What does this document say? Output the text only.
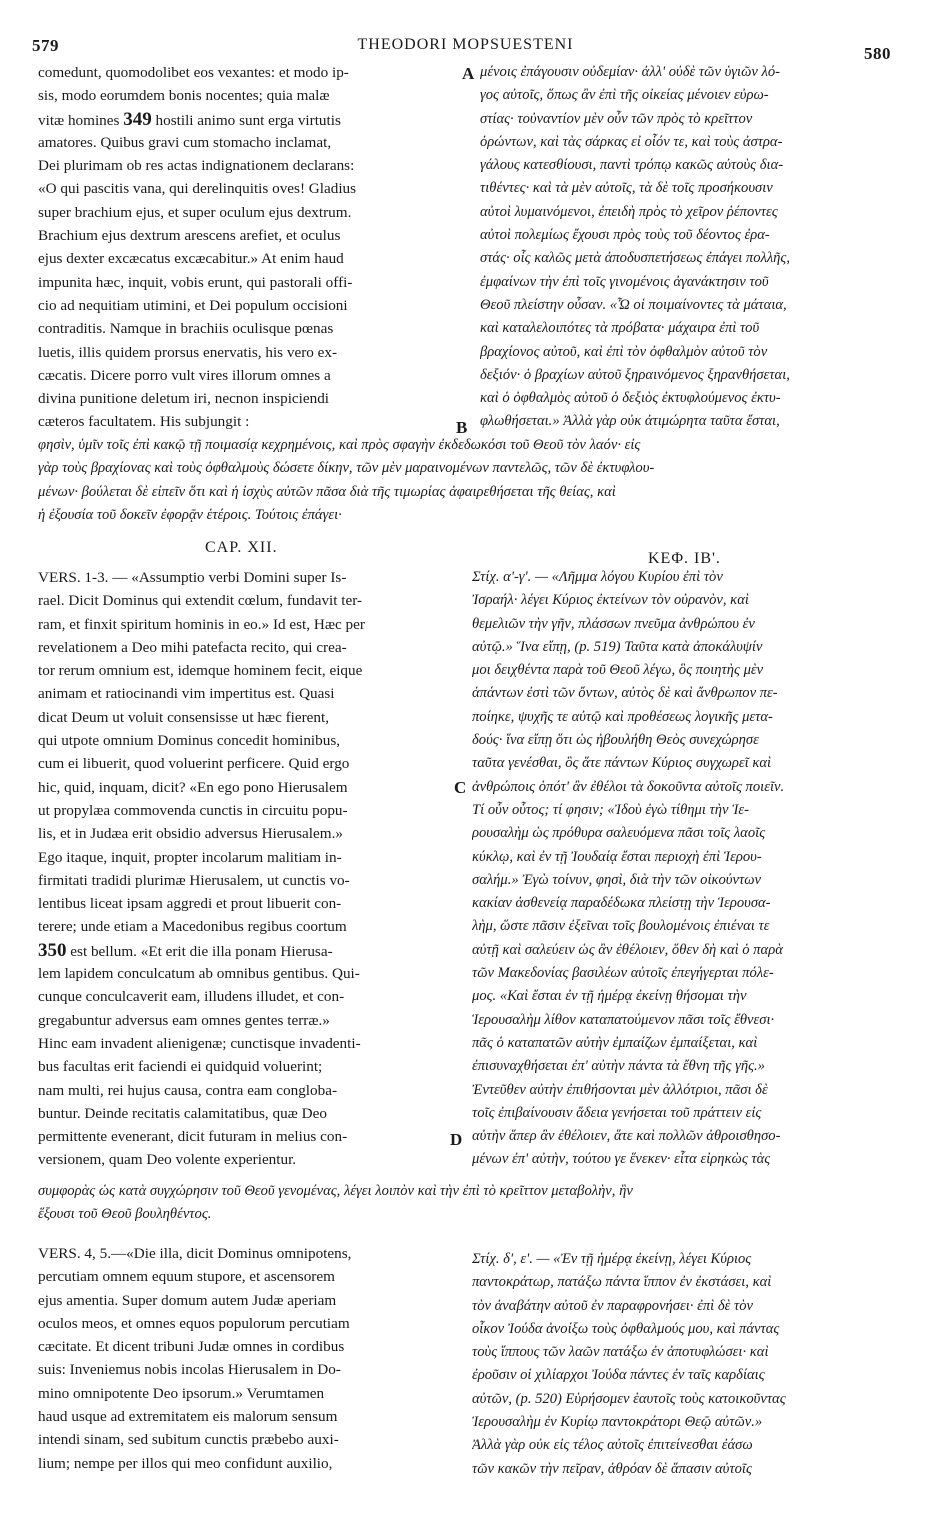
579	THEODORI MOPSUESTENI	580
comedunt, quomodolibet eos vexantes: et modo ip-
sis, modo eorumdem bonis nocentes; quia malæ
vitæ homines 349 hostili animo sunt erga virtutis
amatores. Quibus gravi cum stomacho inclamat,
Dei plurimam ob res actas indignationem declarans:
«O qui pascitis vana, qui derelinquitis oves! Gladius
super brachium ejus, et super oculum ejus dextrum.
Brachium ejus dextrum arescens arefiet, et oculus
ejus dexter excæcatus excæcabitur.» At enim haud
impunita hæc, inquit, vobis erunt, qui pastorali offi-
cio ad nequitiam utimini, et Dei populum occisioni
contraditis. Namque in brachiis oculisque pœnas
luetis, illis quidem prorsus enervatis, his vero ex-
cæcatis. Dicere porro vult vires illorum omnes a
divina punitione deletum iri, necnon inspiciendi
cæteros facultatem. His subjungit :
μένοις ἐπάγουσιν οὐδεμίαν· ἀλλ' οὐδὲ τῶν ὑγιῶν λό-
γος αὐτοῖς, ὅπως ἂν ἐπὶ τῆς οἰκείας μένοιεν εὐρω-
στίας· τοὐναντίον μὲν οὖν τῶν πρὸς τὸ κρεῖττον
ὁρώντων, καὶ τὰς σάρκας εἰ οἷόν τε, καὶ τοὺς ἀστρα-
γάλους κατεσθίουσι, παντὶ τρόπῳ κακῶς αὐτοὺς δια-
τιθέντες· καὶ τὰ μὲν αὐτοῖς, τὰ δὲ τοῖς προσήκουσιν
αὐτοὶ λυμαινόμενοι, ἐπειδὴ πρὸς τὸ χεῖρον ῥέποντες
αὐτοὶ πολεμίως ἔχουσι πρὸς τοὺς τοῦ δέοντος ἐρα-
στάς· οἷς καλῶς μετὰ ἀποδυσπετήσεως ἐπάγει πολλῆς,
ἐμφαίνων τὴν ἐπὶ τοῖς γινομένοις ἀγανάκτησιν τοῦ
Θεοῦ πλείστην οὖσαν. «Ὦ οἱ ποιμαίνοντες τὰ μάταια,
καὶ καταλελοιπότες τὰ πρόβατα· μάχαιρα ἐπὶ τοῦ
βραχίονος αὐτοῦ, καὶ ἐπὶ τὸν ὀφθαλμὸν αὐτοῦ τὸν
δεξιόν· ὁ βραχίων αὐτοῦ ξηραινόμενος ξηρανθήσεται,
καὶ ὁ ὀφθαλμὸς αὐτοῦ ὁ δεξιὸς ἐκτυφλούμενος ἐκτυ-
φλωθήσεται.» Ἀλλὰ γὰρ οὐκ ἀτιμώρητα ταῦτα ἔσται,
φησὶν, ὑμῖν τοῖς ἐπὶ κακῷ τῇ ποιμασίᾳ κεχρημένοις, καὶ πρὸς σφαγὴν ἐκδεδωκόσι τοῦ Θεοῦ τὸν λαόν· εἰς
γὰρ τοὺς βραχίονας καὶ τοὺς ὀφθαλμοὺς δώσετε δίκην, τῶν μὲν μαραινομένων παντελῶς, τῶν δὲ ἐκτυφλου-
μένων· βούλεται δὲ εἰπεῖν ὅτι καὶ ἡ ἰσχὺς αὐτῶν πᾶσα διὰ τῆς τιμωρίας ἀφαιρεθήσεται τῆς θείας, καὶ
ἡ ἐξουσία τοῦ δοκεῖν ἐφορᾷν ἑτέροις. Τούτοις ἐπάγει·
CAP. XII.
ΚΕΦ. ΙΒ'.
VERS. 1-3. — «Assumptio verbi Domini super Is-
rael. Dicit Dominus qui extendit cœlum, fundavit ter-
ram, et finxit spiritum hominis in eo.» Id est, Hæc per
revelationem a Deo mihi patefacta recito, qui crea-
tor rerum omnium est, idemque hominem fecit, eique
animam et ratiocinandi vim impertitus est. Quasi
dicat Deum ut voluit consensisse ut hæc fierent,
qui utpote omnium Dominus concedit hominibus,
cum ei libuerit, quod voluerint perficere. Quid ergo
hic, quid, inquam, dicit? «En ego pono Hierusalem
ut propylæa commovenda cunctis in circuitu popu-
lis, et in Judæa erit obsidio adversus Hierusalem.»
Ego itaque, inquit, propter incolarum malitiam in-
firmitati tradidi plurimæ Hierusalem, ut cunctis vo-
lentibus liceat ipsam aggredi et prout libuerit con-
terere; unde etiam a Macedonibus regibus coortum
350 est bellum. «Et erit die illa ponam Hierusa-
lem lapidem conculcatum ab omnibus gentibus. Qui-
cunque conculcaverit eam, illudens illudet, et con-
gregabuntur adversus eam omnes gentes terræ.»
Hinc eam invadent alienigenæ; cunctisque invadenti-
bus facultas erit faciendi ei quidquid voluerint;
nam multi, rei hujus causa, contra eam congloba-
buntur. Deinde recitatis calamitatibus, quæ Deo
permittente evenerant, dicit futuram in melius con-
versionem, quam Deo volente experientur.
Στίχ. α'-γ'. — «Λῆμμα λόγου Κυρίου ἐπὶ τὸν
Ἰσραήλ· λέγει Κύριος ἐκτείνων τὸν οὐρανὸν, καὶ
θεμελιῶν τὴν γῆν, πλάσσων πνεῦμα ἀνθρώπου ἐν
αὐτῷ.» Ἵνα εἴπῃ, (p. 519) Ταῦτα κατὰ ἀποκάλυψίν
μοι δειχθέντα παρὰ τοῦ Θεοῦ λέγω, ὃς ποιητὴς μὲν
ἁπάντων ἐστὶ τῶν ὄντων, αὐτὸς δὲ καὶ ἄνθρωπον πε-
ποίηκε, ψυχῆς τε αὐτῷ καὶ προθέσεως λογικῆς μετα-
δούς· ἵνα εἴπῃ ὅτι ὡς ἠβουλήθη Θεὸς συνεχώρησε
ταῦτα γενέσθαι, ὃς ἅτε πάντων Κύριος συγχωρεῖ καὶ
ἀνθρώποις ὁπότ' ἂν ἐθέλοι τὰ δοκοῦντα αὐτοῖς ποιεῖν.
Τί οὖν οὗτος; τί φησιν; «Ἰδοὺ ἐγὼ τίθημι τὴν Ἱε-
ρουσαλὴμ ὡς πρόθυρα σαλευόμενα πᾶσι τοῖς λαοῖς
κύκλῳ, καὶ ἐν τῇ Ἰουδαίᾳ ἔσται περιοχὴ ἐπὶ Ἱερου-
σαλήμ.» Ἐγὼ τοίνυν, φησὶ, διὰ τὴν τῶν οἰκούντων
κακίαν ἀσθενείᾳ παραδέδωκα πλείστῃ τὴν Ἱερουσα-
λὴμ, ὥστε πᾶσιν ἐξεῖναι τοῖς βουλομένοις ἐπιέναι τε
αὐτῇ καὶ σαλεύειν ὡς ἂν ἐθέλοιεν, ὅθεν δὴ καὶ ὁ παρὰ
τῶν Μακεδονίας βασιλέων αὐτοῖς ἐπεγήγερται πόλε-
μος. «Καὶ ἔσται ἐν τῇ ἡμέρᾳ ἐκείνῃ θήσομαι τὴν
Ἱερουσαλὴμ λίθον καταπατούμενον πᾶσι τοῖς ἔθνεσι·
πᾶς ὁ καταπατῶν αὐτὴν ἐμπαίζων ἐμπαίξεται, καὶ
ἐπισυναχθήσεται ἐπ' αὐτὴν πάντα τὰ ἔθνη τῆς γῆς.»
Ἐντεῦθεν αὐτὴν ἐπιθήσονται μὲν ἀλλότριοι, πᾶσι δὲ
τοῖς ἐπιβαίνουσιν ἄδεια γενήσεται τοῦ πράττειν εἰς
αὐτὴν ἅπερ ἂν ἐθέλοιεν, ἅτε καὶ πολλῶν ἀθροισθησο-
μένων ἐπ' αὐτὴν, τούτου γε ἕνεκεν· εἶτα εἰρηκὼς τὰς
συμφορὰς ὡς κατὰ συγχώρησιν τοῦ Θεοῦ γενομένας, λέγει λοιπὸν καὶ τὴν ἐπὶ τὸ κρεῖττον μεταβολὴν, ἣν
ἕξουσι τοῦ Θεοῦ βουληθέντος.
VERS. 4, 5.—«Die illa, dicit Dominus omnipotens,
percutiam omnem equum stupore, et ascensorem
ejus amentia. Super domum autem Judæ aperiam
oculos meos, et omnes equos populorum percutiam
cæcitate. Et dicent tribuni Judæ omnes in cordibus
suis: Inveniemus nobis incolas Hierusalem in Do-
mino omnipotente Deo ipsorum.» Verumtamen
haud usque ad extremitatem eis malorum sensum
intendi sinam, sed subitum cunctis præbebo auxi-
lium; nempe per illos qui meo confidunt auxilio,
Στίχ. δ', ε'. — «Ἐν τῇ ἡμέρᾳ ἐκείνῃ, λέγει Κύριος
παντοκράτωρ, πατάξω πάντα ἵππον ἐν ἐκστάσει, καὶ
τὸν ἀναβάτην αὐτοῦ ἐν παραφρονήσει· ἐπὶ δὲ τὸν
οἶκον Ἰούδα ἀνοίξω τοὺς ὀφθαλμούς μου, καὶ πάντας
τοὺς ἵππους τῶν λαῶν πατάξω ἐν ἀποτυφλώσει· καὶ
ἐροῦσιν οἱ χιλίαρχοι Ἰούδα πάντες ἐν ταῖς καρδίαις
αὐτῶν, (p. 520) Εὑρήσομεν ἑαυτοῖς τοὺς κατοικοῦντας
Ἱερουσαλὴμ ἐν Κυρίῳ παντοκράτορι Θεῷ αὐτῶν.»
Ἀλλὰ γὰρ οὐκ εἰς τέλος αὐτοῖς ἐπιτείνεσθαι ἐάσω
τῶν κακῶν τὴν πεῖραν, ἀθρόαν δὲ ἅπασιν αὐτοῖς
A
B
C
D
